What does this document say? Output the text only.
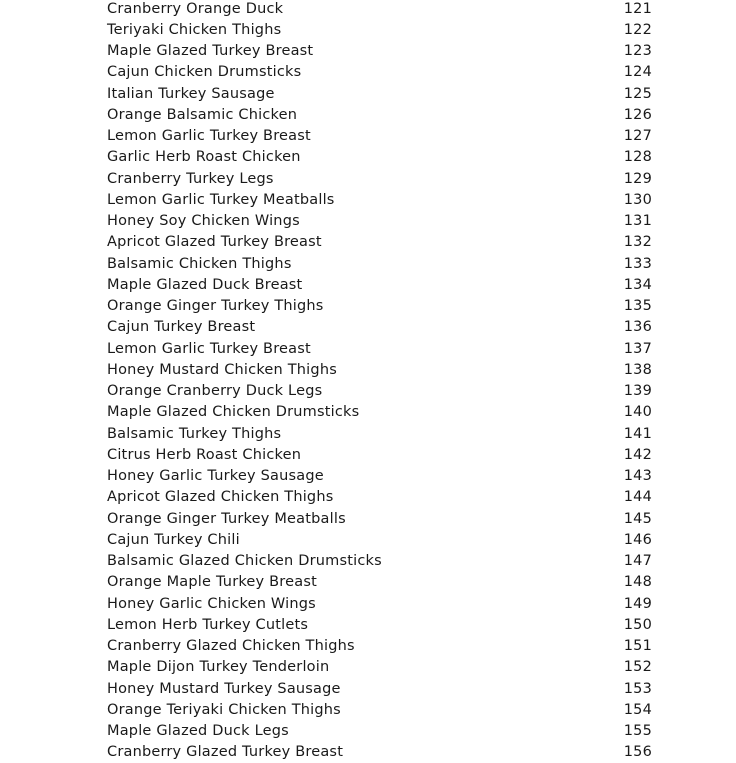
Cranberry Orange Duck	121
Teriyaki Chicken Thighs	122
Maple Glazed Turkey Breast	123
Cajun Chicken Drumsticks	124
Italian Turkey Sausage	125
Orange Balsamic Chicken	126
Lemon Garlic Turkey Breast	127
Garlic Herb Roast Chicken	128
Cranberry Turkey Legs	129
Lemon Garlic Turkey Meatballs	130
Honey Soy Chicken Wings	131
Apricot Glazed Turkey Breast	132
Balsamic Chicken Thighs	133
Maple Glazed Duck Breast	134
Orange Ginger Turkey Thighs	135
Cajun Turkey Breast	136
Lemon Garlic Turkey Breast	137
Honey Mustard Chicken Thighs	138
Orange Cranberry Duck Legs	139
Maple Glazed Chicken Drumsticks	140
Balsamic Turkey Thighs	141
Citrus Herb Roast Chicken	142
Honey Garlic Turkey Sausage	143
Apricot Glazed Chicken Thighs	144
Orange Ginger Turkey Meatballs	145
Cajun Turkey Chili	146
Balsamic Glazed Chicken Drumsticks	147
Orange Maple Turkey Breast	148
Honey Garlic Chicken Wings	149
Lemon Herb Turkey Cutlets	150
Cranberry Glazed Chicken Thighs	151
Maple Dijon Turkey Tenderloin	152
Honey Mustard Turkey Sausage	153
Orange Teriyaki Chicken Thighs	154
Maple Glazed Duck Legs	155
Cranberry Glazed Turkey Breast	156
